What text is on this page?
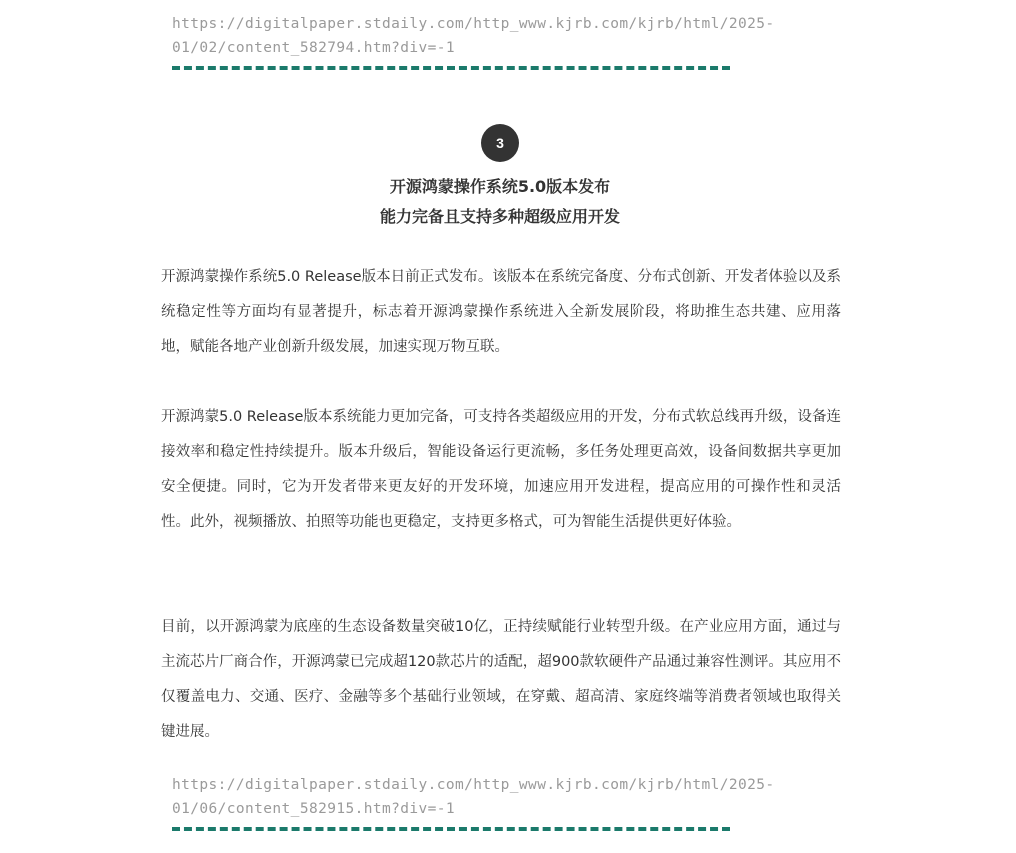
https://digitalpaper.stdaily.com/http_www.kjrb.com/kjrb/html/2025-
01/02/content_582794.htm?div=-1
3
开源鸿蒙操作系统5.0版本发布
能力完备且支持多种超级应用开发

开源鸿蒙操作系统5.0 Release版本日前正式发布。该版本在系统完备度、分布式创新、开发者体验以及系统稳定性等方面均有显著提升，标志着开源鸿蒙操作系统进入全新发展阶段，将助推生态共建、应用落地，赋能各地产业创新升级发展，加速实现万物互联。

开源鸿蒙5.0 Release版本系统能力更加完备，可支持各类超级应用的开发，分布式软总线再升级，设备连接效率和稳定性持续提升。版本升级后，智能设备运行更流畅，多任务处理更高效，设备间数据共享更加安全便捷。同时，它为开发者带来更友好的开发环境，加速应用开发进程，提高应用的可操作性和灵活性。此外，视频播放、拍照等功能也更稳定，支持更多格式，可为智能生活提供更好体验。

目前，以开源鸿蒙为底座的生态设备数量突破10亿，正持续赋能行业转型升级。在产业应用方面，通过与主流芯片厂商合作，开源鸿蒙已完成超120款芯片的适配，超900款软硬件产品通过兼容性测评。其应用不仅覆盖电力、交通、医疗、金融等多个基础行业领域，在穿戴、超高清、家庭终端等消费者领域也取得关键进展。

https://digitalpaper.stdaily.com/http_www.kjrb.com/kjrb/html/2025-
01/06/content_582915.htm?div=-1
